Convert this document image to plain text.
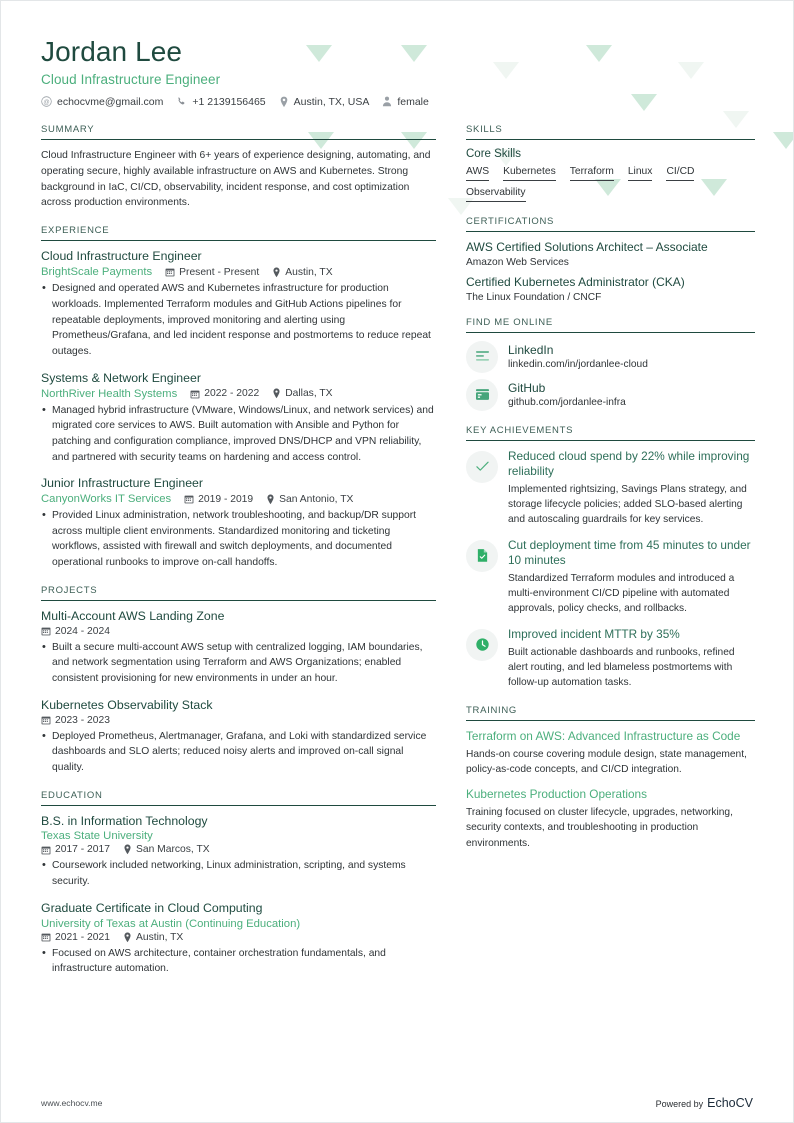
Jordan Lee
Cloud Infrastructure Engineer
@ echocvme@gmail.com	+1 2139156465	Austin, TX, USA	female
SUMMARY
Cloud Infrastructure Engineer with 6+ years of experience designing, automating, and operating secure, highly available infrastructure on AWS and Kubernetes. Strong background in IaC, CI/CD, observability, incident response, and cost optimization across production environments.
EXPERIENCE
Cloud Infrastructure Engineer
BrightScale Payments	Present - Present	Austin, TX
• Designed and operated AWS and Kubernetes infrastructure for production workloads. Implemented Terraform modules and GitHub Actions pipelines for repeatable deployments, improved monitoring and alerting using Prometheus/Grafana, and led incident response and postmortems to reduce repeat outages.
Systems & Network Engineer
NorthRiver Health Systems	2022 - 2022	Dallas, TX
• Managed hybrid infrastructure (VMware, Windows/Linux, and network services) and migrated core services to AWS. Built automation with Ansible and Python for patching and configuration compliance, improved DNS/DHCP and VPN reliability, and partnered with security teams on hardening and access control.
Junior Infrastructure Engineer
CanyonWorks IT Services	2019 - 2019	San Antonio, TX
• Provided Linux administration, network troubleshooting, and backup/DR support across multiple client environments. Standardized monitoring and ticketing workflows, assisted with firewall and switch deployments, and documented operational runbooks to improve on-call handoffs.
PROJECTS
Multi-Account AWS Landing Zone
2024 - 2024
• Built a secure multi-account AWS setup with centralized logging, IAM boundaries, and network segmentation using Terraform and AWS Organizations; enabled consistent provisioning for new environments in under an hour.
Kubernetes Observability Stack
2023 - 2023
• Deployed Prometheus, Alertmanager, Grafana, and Loki with standardized service dashboards and SLO alerts; reduced noisy alerts and improved on-call signal quality.
EDUCATION
B.S. in Information Technology
Texas State University
2017 - 2017	San Marcos, TX
• Coursework included networking, Linux administration, scripting, and systems security.
Graduate Certificate in Cloud Computing
University of Texas at Austin (Continuing Education)
2021 - 2021	Austin, TX
• Focused on AWS architecture, container orchestration fundamentals, and infrastructure automation.
SKILLS
Core Skills
AWS Kubernetes Terraform Linux CI/CD
Observability
CERTIFICATIONS
AWS Certified Solutions Architect – Associate
Amazon Web Services
Certified Kubernetes Administrator (CKA)
The Linux Foundation / CNCF
FIND ME ONLINE
LinkedIn
linkedin.com/in/jordanlee-cloud
GitHub
github.com/jordanlee-infra
KEY ACHIEVEMENTS
Reduced cloud spend by 22% while improving reliability
Implemented rightsizing, Savings Plans strategy, and storage lifecycle policies; added SLO-based alerting and autoscaling guardrails for key services.
Cut deployment time from 45 minutes to under 10 minutes
Standardized Terraform modules and introduced a multi-environment CI/CD pipeline with automated approvals, policy checks, and rollbacks.
Improved incident MTTR by 35%
Built actionable dashboards and runbooks, refined alert routing, and led blameless postmortems with follow-up automation tasks.
TRAINING
Terraform on AWS: Advanced Infrastructure as Code
Hands-on course covering module design, state management, policy-as-code concepts, and CI/CD integration.
Kubernetes Production Operations
Training focused on cluster lifecycle, upgrades, networking, security contexts, and troubleshooting in production environments.
www.echocv.me	Powered by EchoCV
